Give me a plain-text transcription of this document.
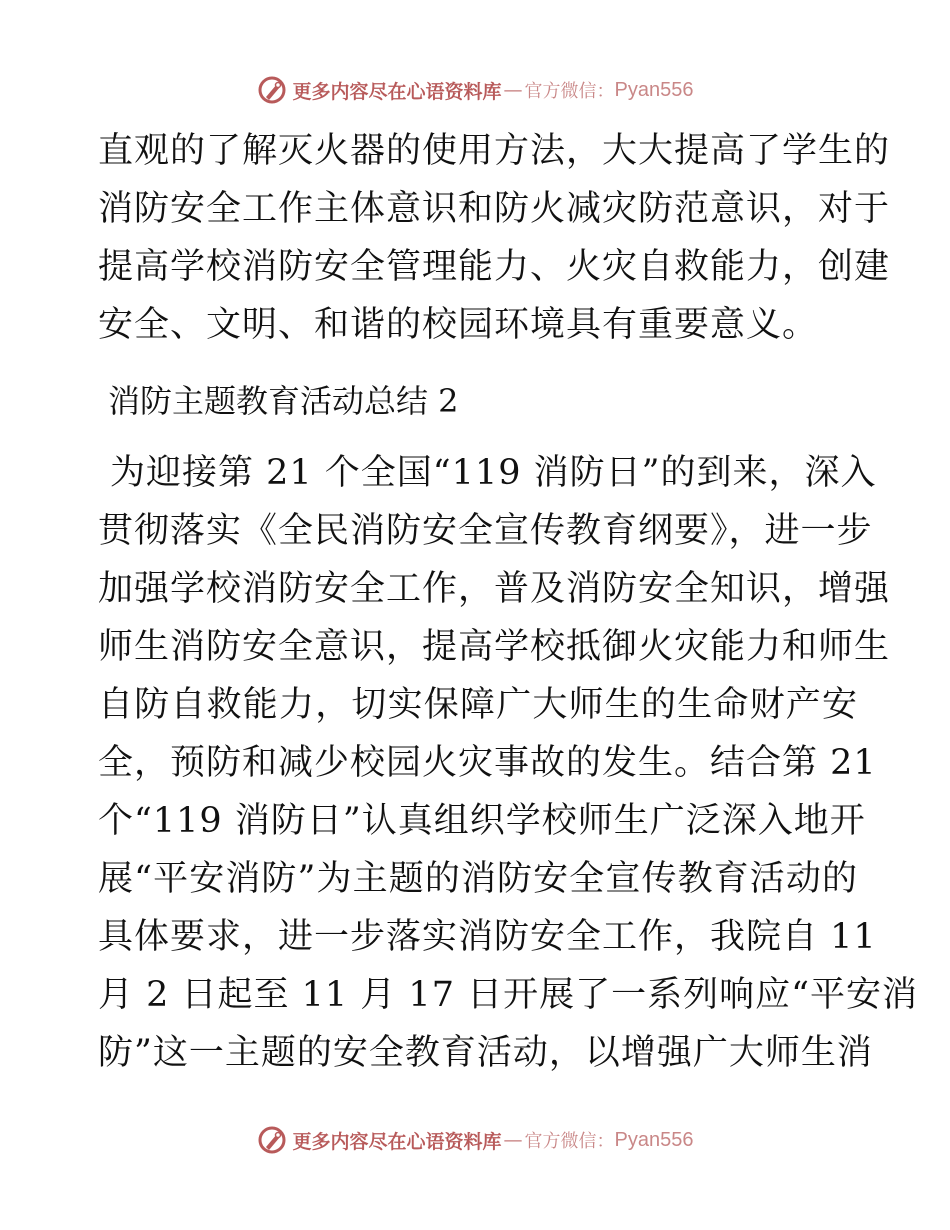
更多内容尽在心语资料库 — 官方微信： Pyan556
直观的了解灭火器的使用方法，大大提高了学生的
消防安全工作主体意识和防火减灾防范意识，对于
提高学校消防安全管理能力、火灾自救能力，创建
安全、文明、和谐的校园环境具有重要意义。
消防主题教育活动总结 2
为迎接第 21 个全国“119 消防日”的到来，深入
贯彻落实《全民消防安全宣传教育纲要》，进一步
加强学校消防安全工作，普及消防安全知识，增强
师生消防安全意识，提高学校抵御火灾能力和师生
自防自救能力，切实保障广大师生的生命财产安
全，预防和减少校园火灾事故的发生。结合第 21
个“119 消防日”认真组织学校师生广泛深入地开
展“平安消防”为主题的消防安全宣传教育活动的
具体要求，进一步落实消防安全工作，我院自 11
月 2 日起至 11 月 17 日开展了一系列响应“平安消
防”这一主题的安全教育活动，以增强广大师生消
更多内容尽在心语资料库 — 官方微信： Pyan556
